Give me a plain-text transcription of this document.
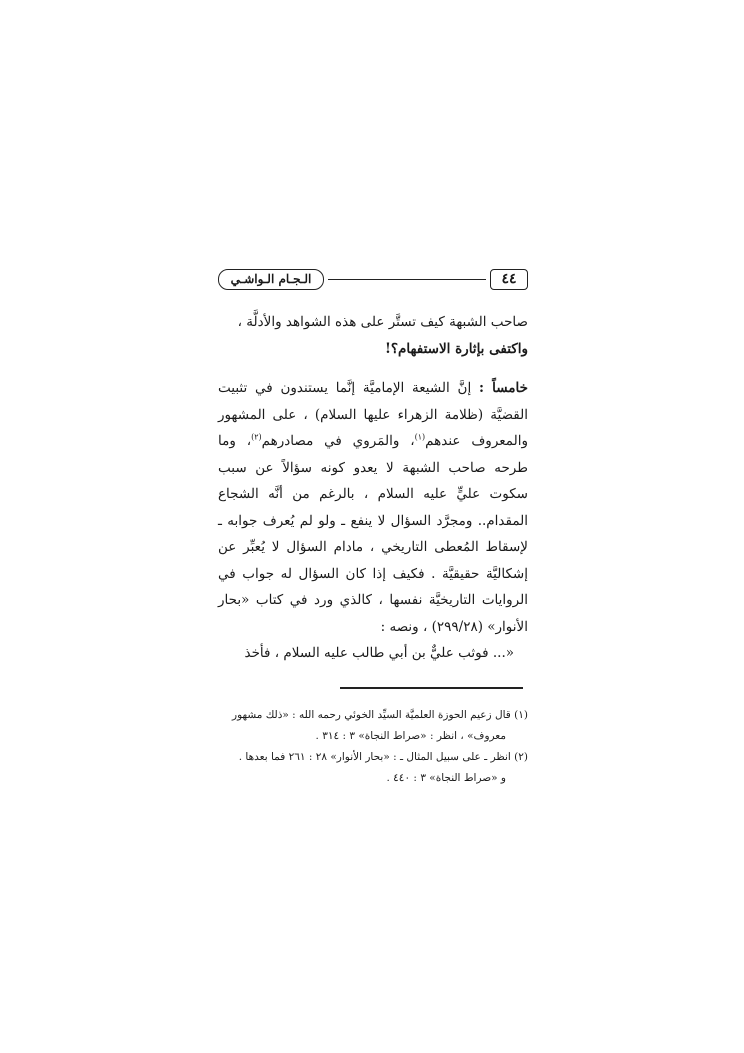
٤٤
الـجـام الـواشـي

صاحب الشبهة كيف تستَّر على هذه الشواهد والأدلَّة ،
واكتفى بإثارة الاستفهام؟!

خامساً : إنَّ الشيعة الإماميَّة إنَّما يستندون في تثبيت القضيَّة (ظلامة الزهراء عليها السلام) ، على المشهور والمعروف عندهم$^{(١)}$، والمَروي في مصادرهم$^{(٢)}$، وما طرحه صاحب الشبهة لا يعدو كونه سؤالاً عن سبب سكوت عليٍّ عليه السلام ، بالرغم من أنَّه الشجاع المقدام.. ومجرَّد السؤال لا ينفع ـ ولو لم يُعرف جوابه ـ لإسقاط المُعطى التاريخي ، مادام السؤال لا يُعبِّر عن إشكاليَّة حقيقيَّة . فكيف إذا كان السؤال له جواب في الروايات التاريخيَّة نفسها ، كالذي ورد في كتاب «بحار الأنوار» (٢٩٩/٢٨) ، ونصه :

«... فوثب عليٌّ بن أبي طالب عليه السلام ، فأخذ

(١) قال زعيم الحوزة العلميَّة السيِّد الخوئي رحمه الله : «ذلك مشهور

معروف» ، انظر : «صراط النجاة» ٣ : ٣١٤ .

(٢) انظر ـ على سبيل المثال ـ : «بحار الأنوار» ٢٨ : ٢٦١ فما بعدها .

و «صراط النجاة» ٣ : ٤٤٠ .
